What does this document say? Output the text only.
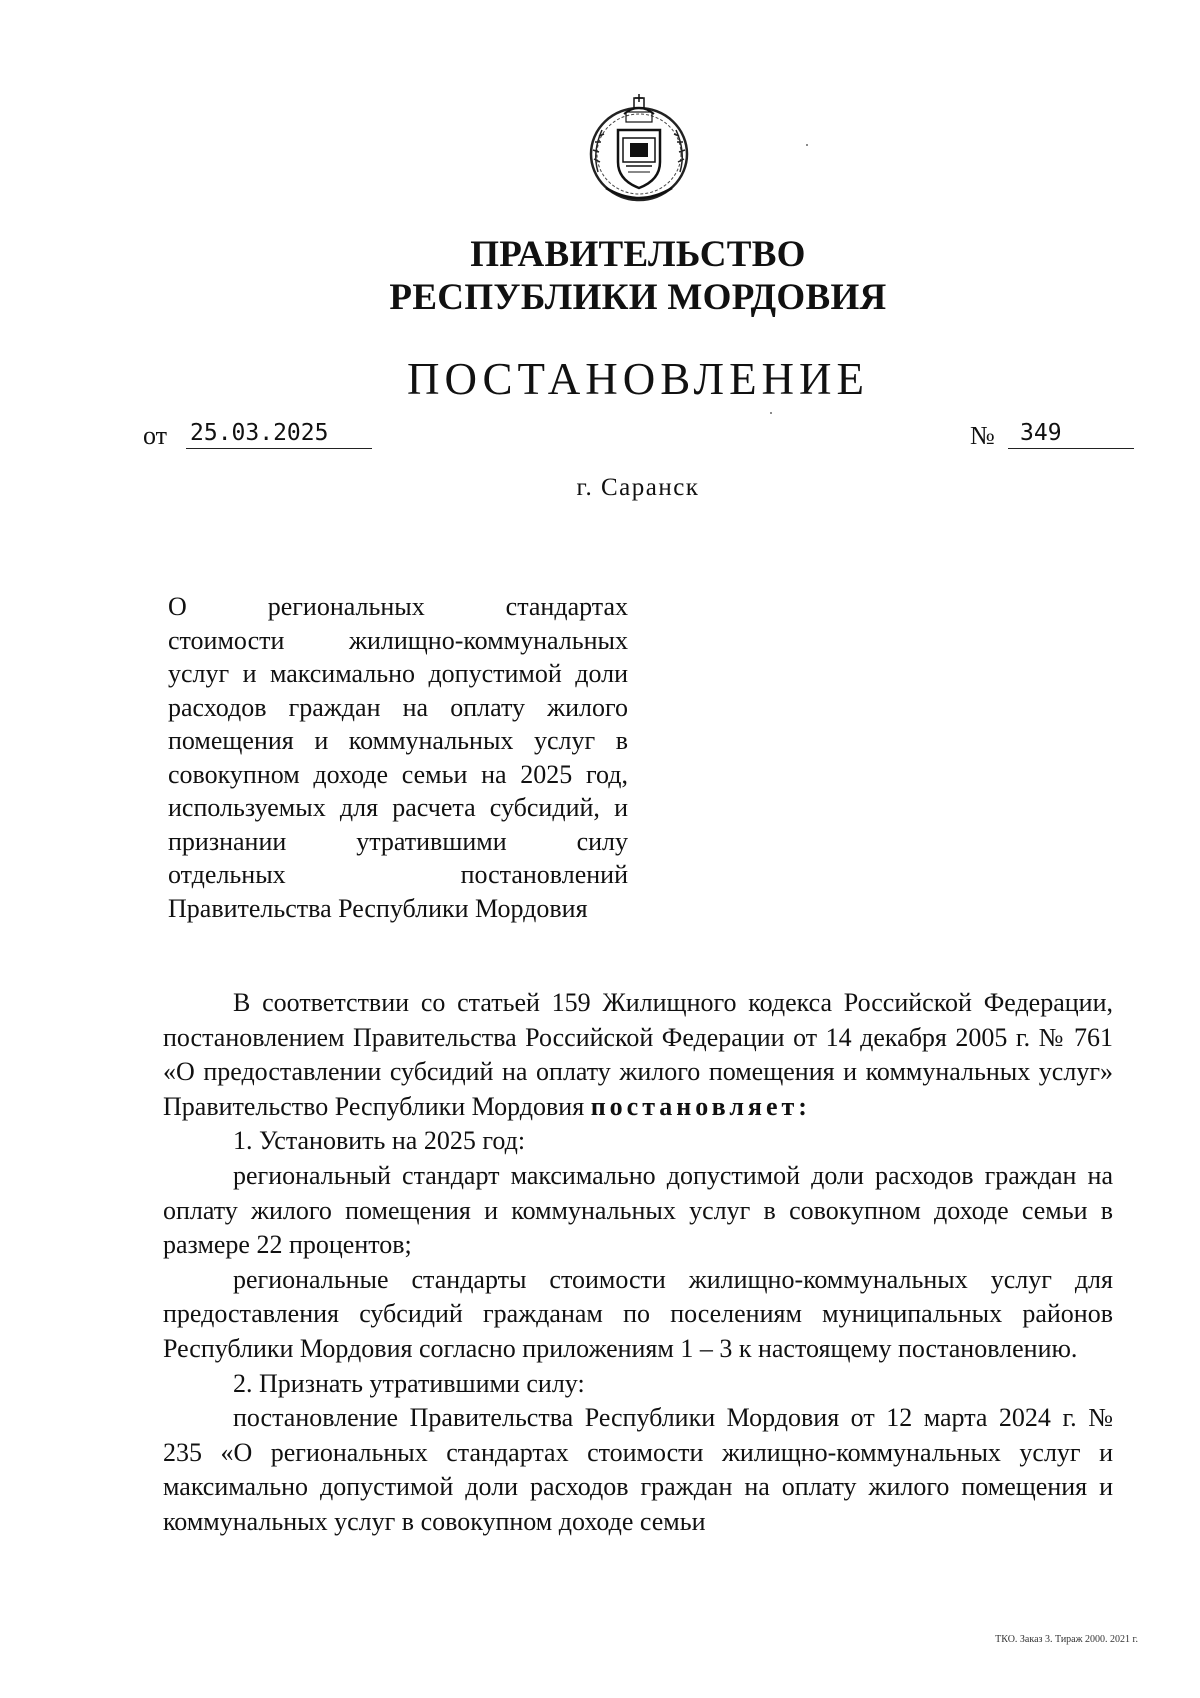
ПРАВИТЕЛЬСТВО
РЕСПУБЛИКИ МОРДОВИЯ
ПОСТАНОВЛЕНИЕ
от 25.03.2025	№	349
г. Саранск
О региональных стандартах
стоимости жилищно-коммунальных
услуг и максимально допустимой доли
расходов граждан на оплату жилого
помещения и коммунальных услуг в
совокупном доходе семьи на 2025 год,
используемых для расчета субсидий, и
признании утратившими силу
отдельных постановлений
Правительства Республики Мордовия

В соответствии со статьей 159 Жилищного кодекса Российской Федерации, постановлением Правительства Российской Федерации от 14 декабря 2005 г. № 761 «О предоставлении субсидий на оплату жилого помещения и коммунальных услуг» Правительство Республики Мордовия постановляет:

1. Установить на 2025 год:

региональный стандарт максимально допустимой доли расходов граждан на оплату жилого помещения и коммунальных услуг в совокупном доходе семьи в размере 22 процентов;

региональные стандарты стоимости жилищно-коммунальных услуг для предоставления субсидий гражданам по поселениям муниципальных районов Республики Мордовия согласно приложениям 1 – 3 к настоящему постановлению.

2. Признать утратившими силу:

постановление Правительства Республики Мордовия от 12 марта 2024 г. № 235 «О региональных стандартах стоимости жилищно-коммунальных услуг и максимально допустимой доли расходов граждан на оплату жилого помещения и коммунальных услуг в совокупном доходе семьи

ТКО. Заказ 3. Тираж 2000. 2021 г.
